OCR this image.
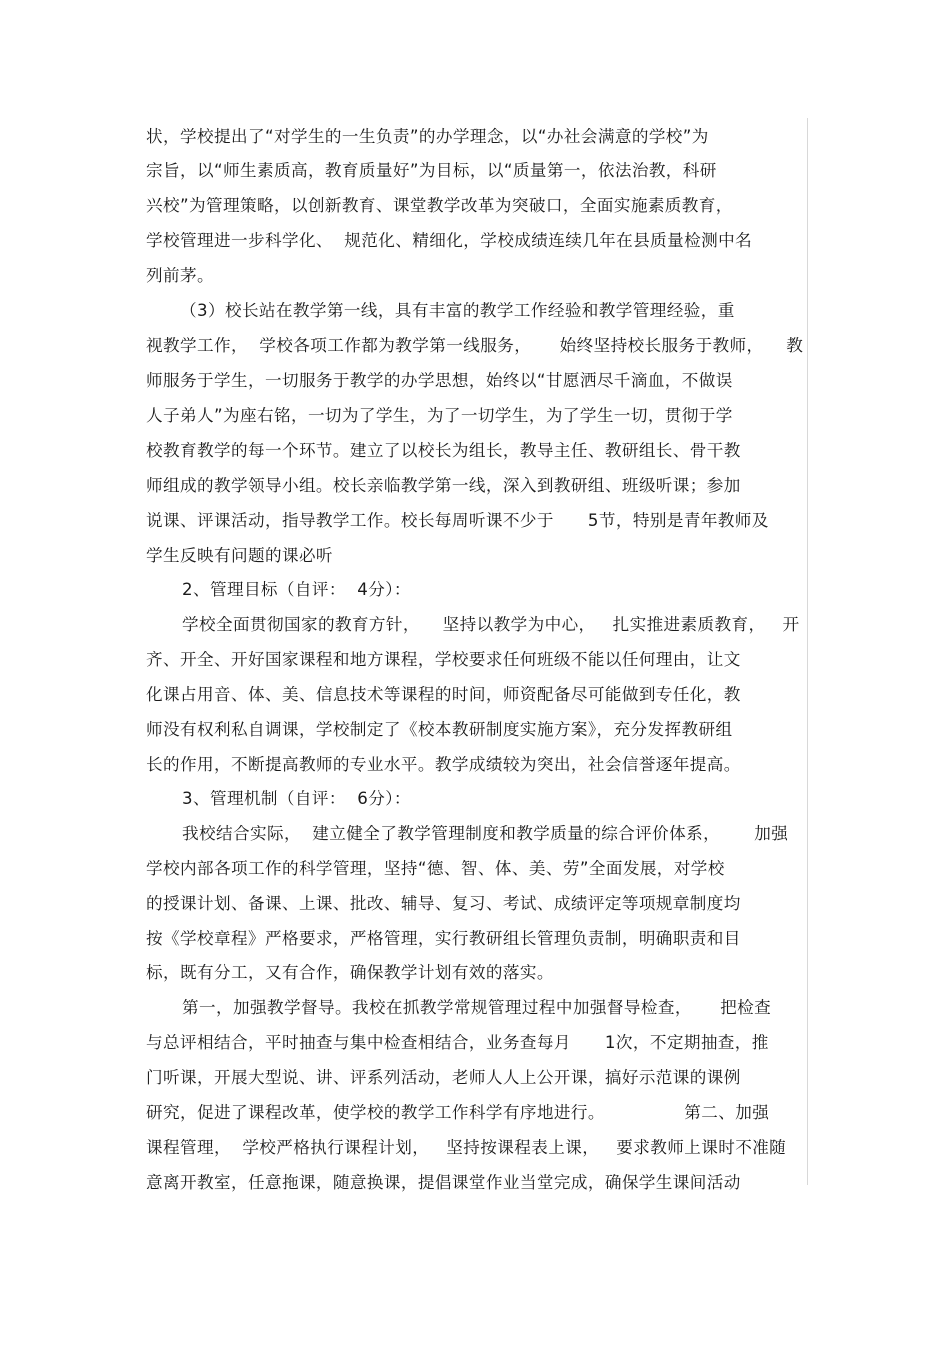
状，学校提出了“对学生的一生负责”的办学理念，以“办社会满意的学校”为
宗旨，以“师生素质高，教育质量好”为目标，以“质量第一，依法治教，科研
兴校”为管理策略，以创新教育、课堂教学改革为突破口，全面实施素质教育，
学校管理进一步科学化、  规范化、精细化，学校成绩连续几年在县质量检测中名
列前茅。
（3）校长站在教学第一线，具有丰富的教学工作经验和教学管理经验，重
视教学工作，  学校各项工作都为教学第一线服务，     始终坚持校长服务于教师，    教
师服务于学生，一切服务于教学的办学思想，始终以“甘愿洒尽千滴血，不做误
人子弟人”为座右铭，一切为了学生，为了一切学生，为了学生一切，贯彻于学
校教育教学的每一个环节。建立了以校长为组长，教导主任、教研组长、骨干教
师组成的教学领导小组。校长亲临教学第一线，深入到教研组、班级听课；参加
说课、评课活动，指导教学工作。校长每周听课不少于      5节，特别是青年教师及
学生反映有问题的课必听
2、管理目标（自评：  4分）：
学校全面贯彻国家的教育方针，    坚持以教学为中心，   扎实推进素质教育，   开
齐、开全、开好国家课程和地方课程，学校要求任何班级不能以任何理由，让文
化课占用音、体、美、信息技术等课程的时间，师资配备尽可能做到专任化，教
师没有权利私自调课，学校制定了《校本教研制度实施方案》，充分发挥教研组
长的作用，不断提高教师的专业水平。教学成绩较为突出，社会信誉逐年提高。
3、管理机制（自评：  6分）：
我校结合实际，  建立健全了教学管理制度和教学质量的综合评价体系，      加强
学校内部各项工作的科学管理，坚持“德、智、体、美、劳”全面发展，对学校
的授课计划、备课、上课、批改、辅导、复习、考试、成绩评定等项规章制度均
按《学校章程》严格要求，严格管理，实行教研组长管理负责制，明确职责和目
标，既有分工，又有合作，确保教学计划有效的落实。
第一，加强教学督导。我校在抓教学常规管理过程中加强督导检查，     把检查
与总评相结合，平时抽查与集中检查相结合，业务查每月      1次，不定期抽查，推
门听课，开展大型说、讲、评系列活动，老师人人上公开课，搞好示范课的课例
研究，促进了课程改革，使学校的教学工作科学有序地进行。              第二、加强
课程管理，  学校严格执行课程计划，   坚持按课程表上课，   要求教师上课时不准随
意离开教室，任意拖课，随意换课，提倡课堂作业当堂完成，确保学生课间活动
